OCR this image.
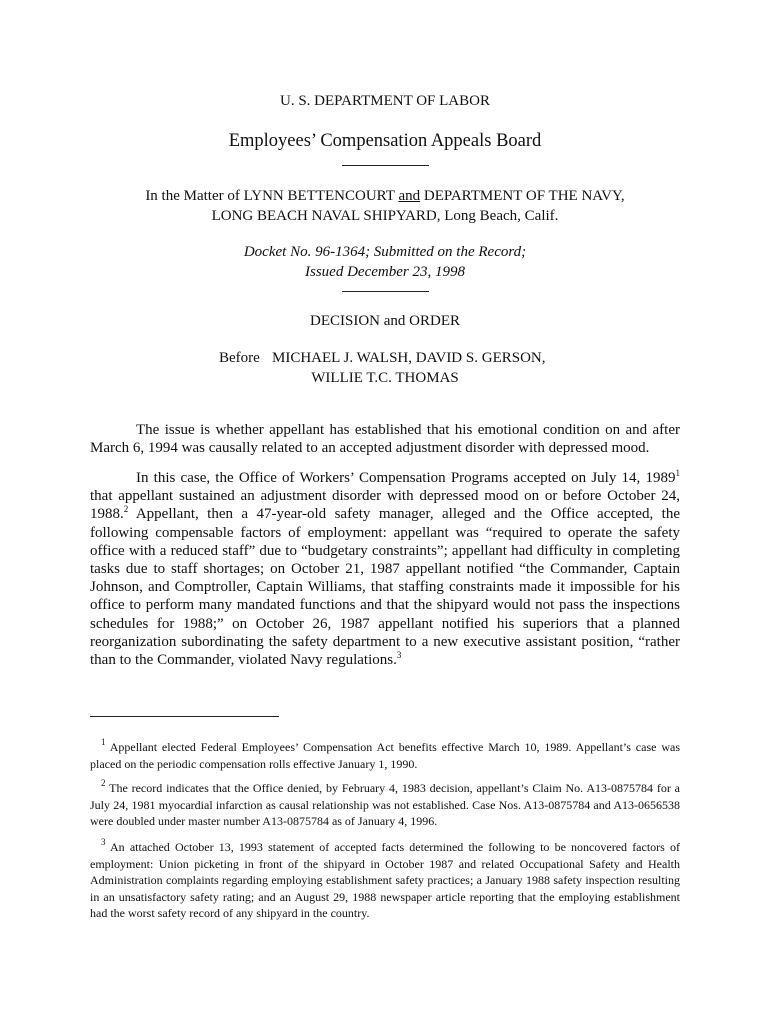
U. S. DEPARTMENT OF LABOR
Employees’ Compensation Appeals Board
In the Matter of LYNN BETTENCOURT and DEPARTMENT OF THE NAVY,
LONG BEACH NAVAL SHIPYARD, Long Beach, Calif.
Docket No. 96-1364; Submitted on the Record;
Issued December 23, 1998
DECISION and ORDER
Before MICHAEL J. WALSH, DAVID S. GERSON,
WILLIE T.C. THOMAS

The issue is whether appellant has established that his emotional condition on and after March 6, 1994 was causally related to an accepted adjustment disorder with depressed mood.

In this case, the Office of Workers’ Compensation Programs accepted on July 14, 1989$^1$ that appellant sustained an adjustment disorder with depressed mood on or before October 24, 1988.$^2$ Appellant, then a 47-year-old safety manager, alleged and the Office accepted, the following compensable factors of employment: appellant was “required to operate the safety office with a reduced staff” due to “budgetary constraints”; appellant had difficulty in completing tasks due to staff shortages; on October 21, 1987 appellant notified “the Commander, Captain Johnson, and Comptroller, Captain Williams, that staffing constraints made it impossible for his office to perform many mandated functions and that the shipyard would not pass the inspections schedules for 1988;” on October 26, 1987 appellant notified his superiors that a planned reorganization subordinating the safety department to a new executive assistant position, “rather than to the Commander, violated Navy regulations.$^3$

$^1$ Appellant elected Federal Employees’ Compensation Act benefits effective March 10, 1989. Appellant’s case was placed on the periodic compensation rolls effective January 1, 1990.

$^2$ The record indicates that the Office denied, by February 4, 1983 decision, appellant’s Claim No. A13-0875784 for a July 24, 1981 myocardial infarction as causal relationship was not established. Case Nos. A13-0875784 and A13-0656538 were doubled under master number A13-0875784 as of January 4, 1996.

$^3$ An attached October 13, 1993 statement of accepted facts determined the following to be noncovered factors of employment: Union picketing in front of the shipyard in October 1987 and related Occupational Safety and Health Administration complaints regarding employing establishment safety practices; a January 1988 safety inspection resulting in an unsatisfactory safety rating; and an August 29, 1988 newspaper article reporting that the employing establishment had the worst safety record of any shipyard in the country.
